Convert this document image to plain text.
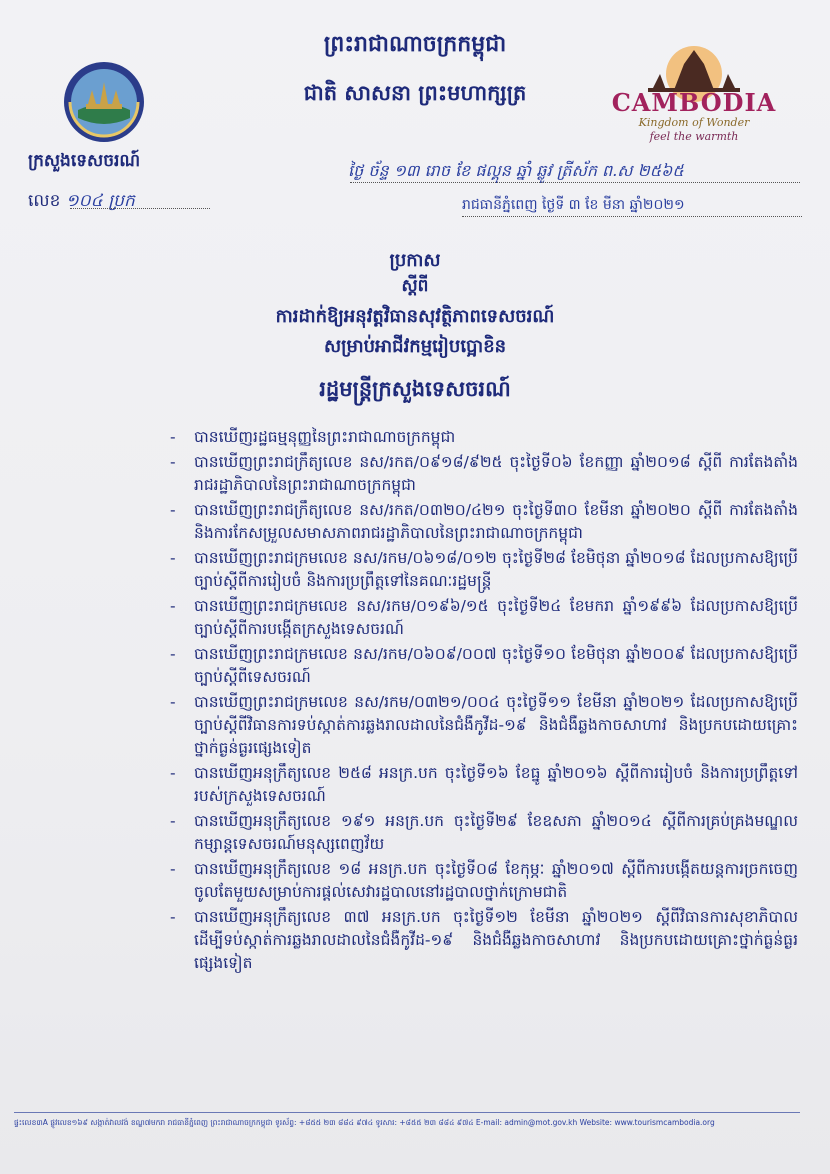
ព្រះរាជាណាចក្រកម្ពុជា
ជាតិ សាសនា ព្រះមហាក្សត្រ	CAMBODIA
Kingdom of Wonder
feel the warmth
ក្រសួងទេសចរណ៍
លេខ ១០៤ ប្រក
ថ្ងៃ ច័ន្ទ ១៣ រោច ខែ ផល្គុន ឆ្នាំ ឆ្លូវ ត្រីស័ក ព.ស ២៥៦៥
រាជធានីភ្នំពេញ ថ្ងៃទី ៣ ខែ មីនា ឆ្នាំ២០២១
ប្រកាស
ស្តីពី
ការដាក់ឱ្យអនុវត្តវិធានសុវត្ថិភាពទេសចរណ៍
សម្រាប់អាជីវកម្មរៀបប្អោខិន
រដ្ឋមន្ត្រីក្រសួងទេសចរណ៍
- បានឃើញរដ្ឋធម្មនុញ្ញនៃព្រះរាជាណាចក្រកម្ពុជា
- បានឃើញព្រះរាជក្រឹត្យលេខ នស/រកត/០៩១៨/៩២៥ ចុះថ្ងៃទី០៦ ខែកញ្ញា ឆ្នាំ២០១៨ ស្តីពី ការតែងតាំងរាជរដ្ឋាភិបាលនៃព្រះរាជាណាចក្រកម្ពុជា
- បានឃើញព្រះរាជក្រឹត្យលេខ នស/រកត/០៣២០/៤២១ ចុះថ្ងៃទី៣០ ខែមីនា ឆ្នាំ២០២០ ស្តីពី ការតែងតាំង និងការកែសម្រួលសមាសភាពរាជរដ្ឋាភិបាលនៃព្រះរាជាណាចក្រកម្ពុជា
- បានឃើញព្រះរាជក្រមលេខ នស/រកម/០៦១៨/០១២ ចុះថ្ងៃទី២៨ ខែមិថុនា ឆ្នាំ២០១៨ ដែលប្រកាសឱ្យប្រើច្បាប់ស្តីពីការរៀបចំ និងការប្រព្រឹត្តទៅនៃគណៈរដ្ឋមន្ត្រី
- បានឃើញព្រះរាជក្រមលេខ នស/រកម/០១៩៦/១៥ ចុះថ្ងៃទី២៤ ខែមករា ឆ្នាំ១៩៩៦ ដែលប្រកាសឱ្យប្រើច្បាប់ស្តីពីការបង្កើតក្រសួងទេសចរណ៍
- បានឃើញព្រះរាជក្រមលេខ នស/រកម/០៦០៩/០០៧ ចុះថ្ងៃទី១០ ខែមិថុនា ឆ្នាំ២០០៩ ដែលប្រកាសឱ្យប្រើច្បាប់ស្តីពីទេសចរណ៍
- បានឃើញព្រះរាជក្រមលេខ នស/រកម/០៣២១/០០៤ ចុះថ្ងៃទី១១ ខែមីនា ឆ្នាំ២០២១ ដែលប្រកាសឱ្យប្រើច្បាប់ស្តីពីវិធានការទប់ស្កាត់ការឆ្លងរាលដាលនៃជំងឺកូវីដ-១៩ និងជំងឺឆ្លងកាចសាហាវ និងប្រកបដោយគ្រោះថ្នាក់ធ្ងន់ធ្ងរផ្សេងទៀត
- បានឃើញអនុក្រឹត្យលេខ ២៥៨ អនក្រ.បក ចុះថ្ងៃទី១៦ ខែធ្នូ ឆ្នាំ២០១៦ ស្តីពីការរៀបចំ និងការប្រព្រឹត្តទៅរបស់ក្រសួងទេសចរណ៍
- បានឃើញអនុក្រឹត្យលេខ ១៩១ អនក្រ.បក ចុះថ្ងៃទី២៩ ខែឧសភា ឆ្នាំ២០១៤ ស្តីពីការគ្រប់គ្រងមណ្ឌលកម្សាន្តទេសចរណ៍មនុស្សពេញវ័យ
- បានឃើញអនុក្រឹត្យលេខ ១៨ អនក្រ.បក ចុះថ្ងៃទី០៨ ខែកុម្ភៈ ឆ្នាំ២០១៧ ស្តីពីការបង្កើតយន្តការច្រកចេញចូលតែមួយសម្រាប់ការផ្តល់សេវារដ្ឋបាលនៅរដ្ឋបាលថ្នាក់ក្រោមជាតិ
- បានឃើញអនុក្រឹត្យលេខ ៣៧ អនក្រ.បក ចុះថ្ងៃទី១២ ខែមីនា ឆ្នាំ២០២១ ស្តីពីវិធានការសុខាភិបាលដើម្បីទប់ស្កាត់ការឆ្លងរាលដាលនៃជំងឺកូវីដ-១៩ និងជំងឺឆ្លងកាចសាហាវ និងប្រកបដោយគ្រោះថ្នាក់ធ្ងន់ធ្ងរផ្សេងទៀត
ផ្ទះលេខ៣A ផ្លូវលេខ១៦៩ សង្កាត់វាលវង់ ខណ្ឌ៧មករា រាជធានីភ្នំពេញ ព្រះរាជាណាចក្រកម្ពុជា ទូរស័ព្ទ: +៨៥៥ ២៣ ៨៨៤ ៩៧៤ ទូរសារ: +៨៥៥ ២៣ ៨៨៤ ៩៧៤ E-mail: admin@mot.gov.kh Website: www.tourismcambodia.org
